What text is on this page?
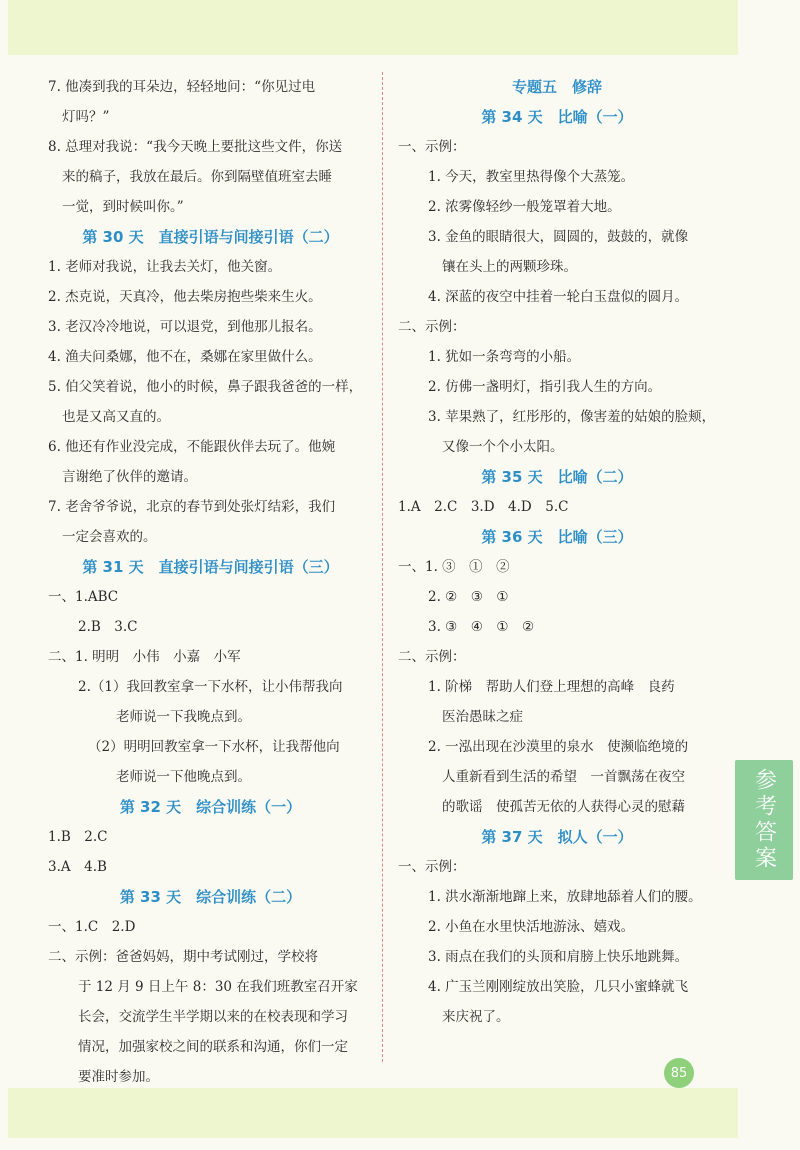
7. 他凑到我的耳朵边，轻轻地问：“你见过电
灯吗？”
8. 总理对我说：“我今天晚上要批这些文件，你送
来的稿子，我放在最后。你到隔壁值班室去睡
一觉，到时候叫你。”
第 30 天　直接引语与间接引语（二）
1. 老师对我说，让我去关灯，他关窗。
2. 杰克说，天真冷，他去柴房抱些柴来生火。
3. 老汉冷冷地说，可以退党，到他那儿报名。
4. 渔夫问桑娜，他不在，桑娜在家里做什么。
5. 伯父笑着说，他小的时候，鼻子跟我爸爸的一样，
也是又高又直的。
6. 他还有作业没完成，不能跟伙伴去玩了。他婉
言谢绝了伙伴的邀请。
7. 老舍爷爷说，北京的春节到处张灯结彩，我们
一定会喜欢的。
第 31 天　直接引语与间接引语（三）
一、1.ABC
2.B　3.C
二、1. 明明　小伟　小嘉　小军
2.（1）我回教室拿一下水杯，让小伟帮我向
老师说一下我晚点到。
（2）明明回教室拿一下水杯，让我帮他向
老师说一下他晚点到。
第 32 天　综合训练（一）
1.B　2.C
3.A　4.B
第 33 天　综合训练（二）
一、1.C　2.D
二、示例：爸爸妈妈，期中考试刚过，学校将
于 12 月 9 日上午 8：30 在我们班教室召开家
长会，交流学生半学期以来的在校表现和学习
情况，加强家校之间的联系和沟通，你们一定
要准时参加。
专题五　修辞
第 34 天　比喻（一）
一、示例：
1. 今天，教室里热得像个大蒸笼。
2. 浓雾像轻纱一般笼罩着大地。
3. 金鱼的眼睛很大，圆圆的，鼓鼓的，就像
镶在头上的两颗珍珠。
4. 深蓝的夜空中挂着一轮白玉盘似的圆月。
二、示例：
1. 犹如一条弯弯的小船。
2. 仿佛一盏明灯，指引我人生的方向。
3. 苹果熟了，红彤彤的，像害羞的姑娘的脸颊，
又像一个个小太阳。
第 35 天　比喻（二）
1.A　2.C　3.D　4.D　5.C
第 36 天　比喻（三）
一、1. ③　①　②
2. ②　③　①
3. ③　④　①　②
二、示例：
1. 阶梯　帮助人们登上理想的高峰　良药
医治愚昧之症
2. 一泓出现在沙漠里的泉水　使濒临绝境的
人重新看到生活的希望　一首飘荡在夜空
的歌谣　使孤苦无依的人获得心灵的慰藉
第 37 天　拟人（一）
一、示例：
1. 洪水渐渐地蹿上来，放肆地舔着人们的腰。
2. 小鱼在水里快活地游泳、嬉戏。
3. 雨点在我们的头顶和肩膀上快乐地跳舞。
4. 广玉兰刚刚绽放出笑脸，几只小蜜蜂就飞
来庆祝了。
参考答案
85
